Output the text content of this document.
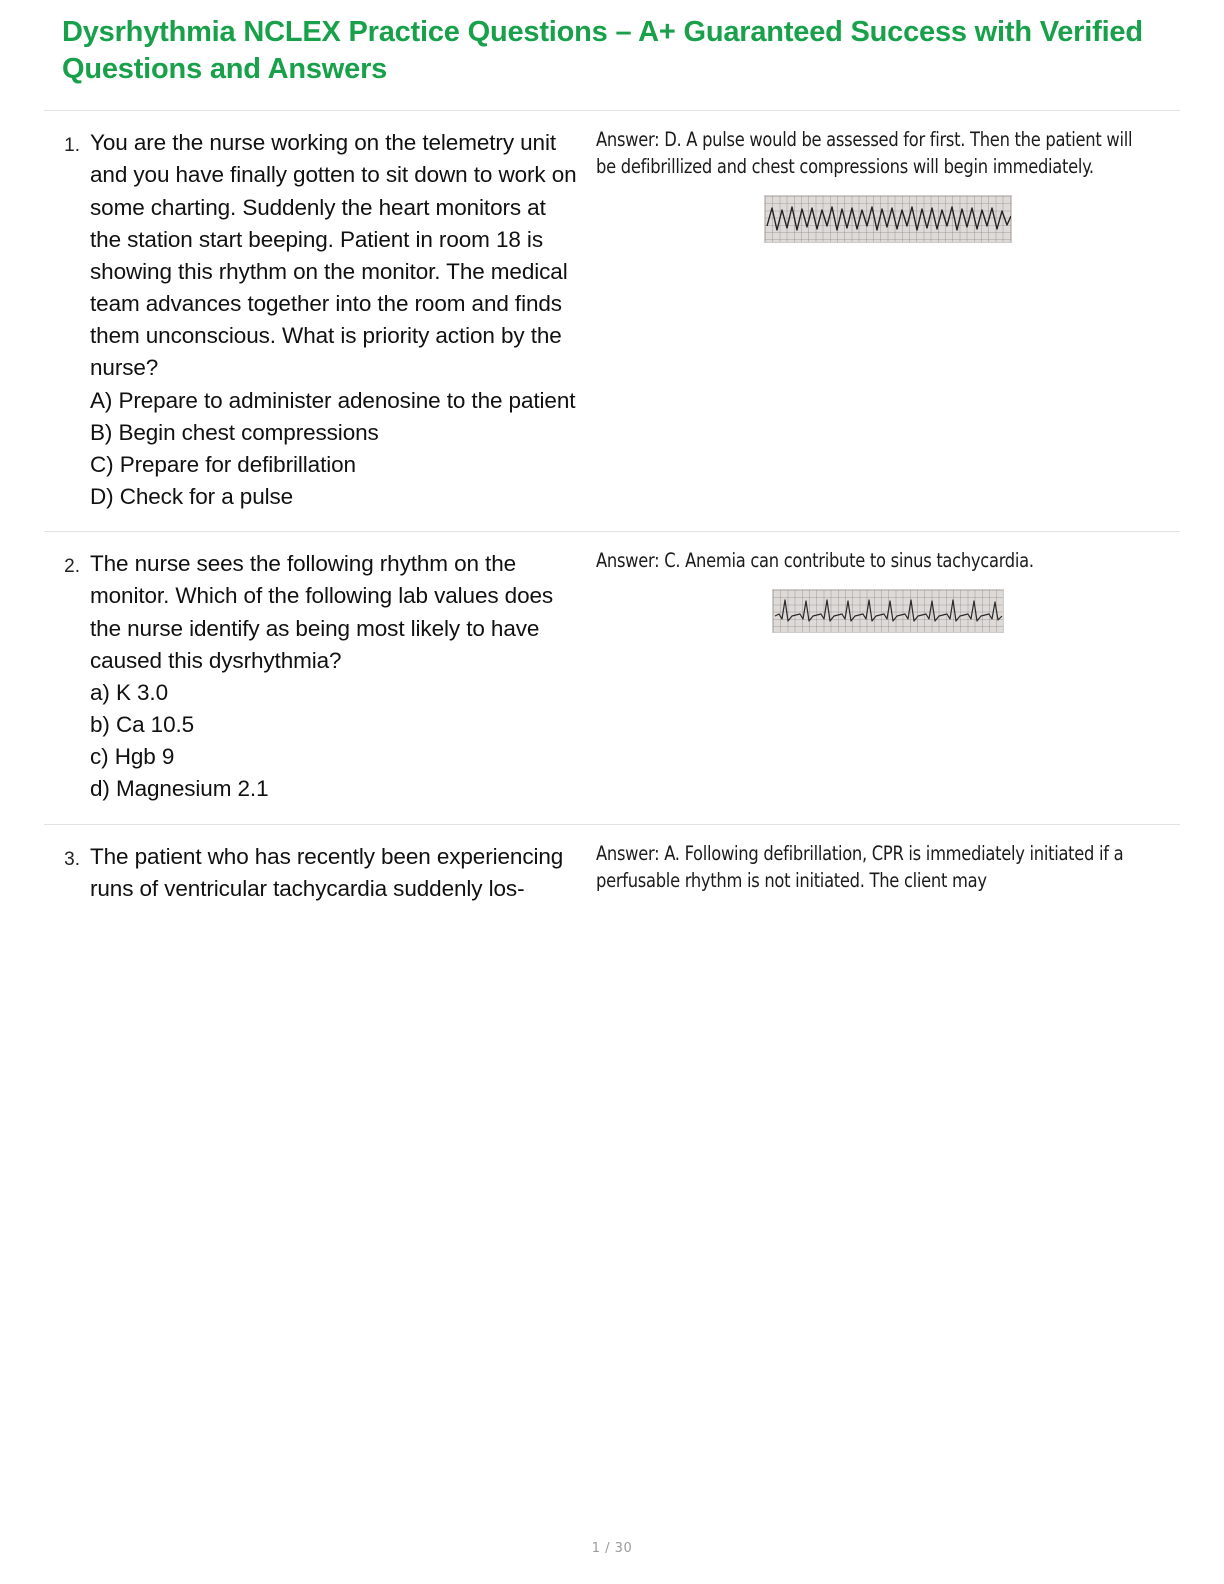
Dysrhythmia NCLEX Practice Questions – A+ Guaranteed Success with Verified Questions and Answers
1. You are the nurse working on the telemetry unit and you have finally gotten to sit down to work on some charting. Suddenly the heart monitors at the station start beeping. Patient in room 18 is showing this rhythm on the monitor. The medical team advances together into the room and finds them unconscious. What is priority action by the nurse?
A) Prepare to administer adenosine to the patient
B) Begin chest compressions
C) Prepare for defibrillation
D) Check for a pulse
Answer: D. A pulse would be assessed for first. Then the patient will be defibrillized and chest compressions will begin immediately.
2. The nurse sees the following rhythm on the monitor. Which of the following lab values does the nurse identify as being most likely to have caused this dysrhythmia?
a) K 3.0
b) Ca 10.5
c) Hgb 9
d) Magnesium 2.1
Answer: C. Anemia can contribute to sinus tachycardia.
3. The patient who has recently been experiencing runs of ventricular tachycardia suddenly los-
Answer: A. Following defibrillation, CPR is immediately initiated if a perfusable rhythm is not initiated. The client may
1 / 30
